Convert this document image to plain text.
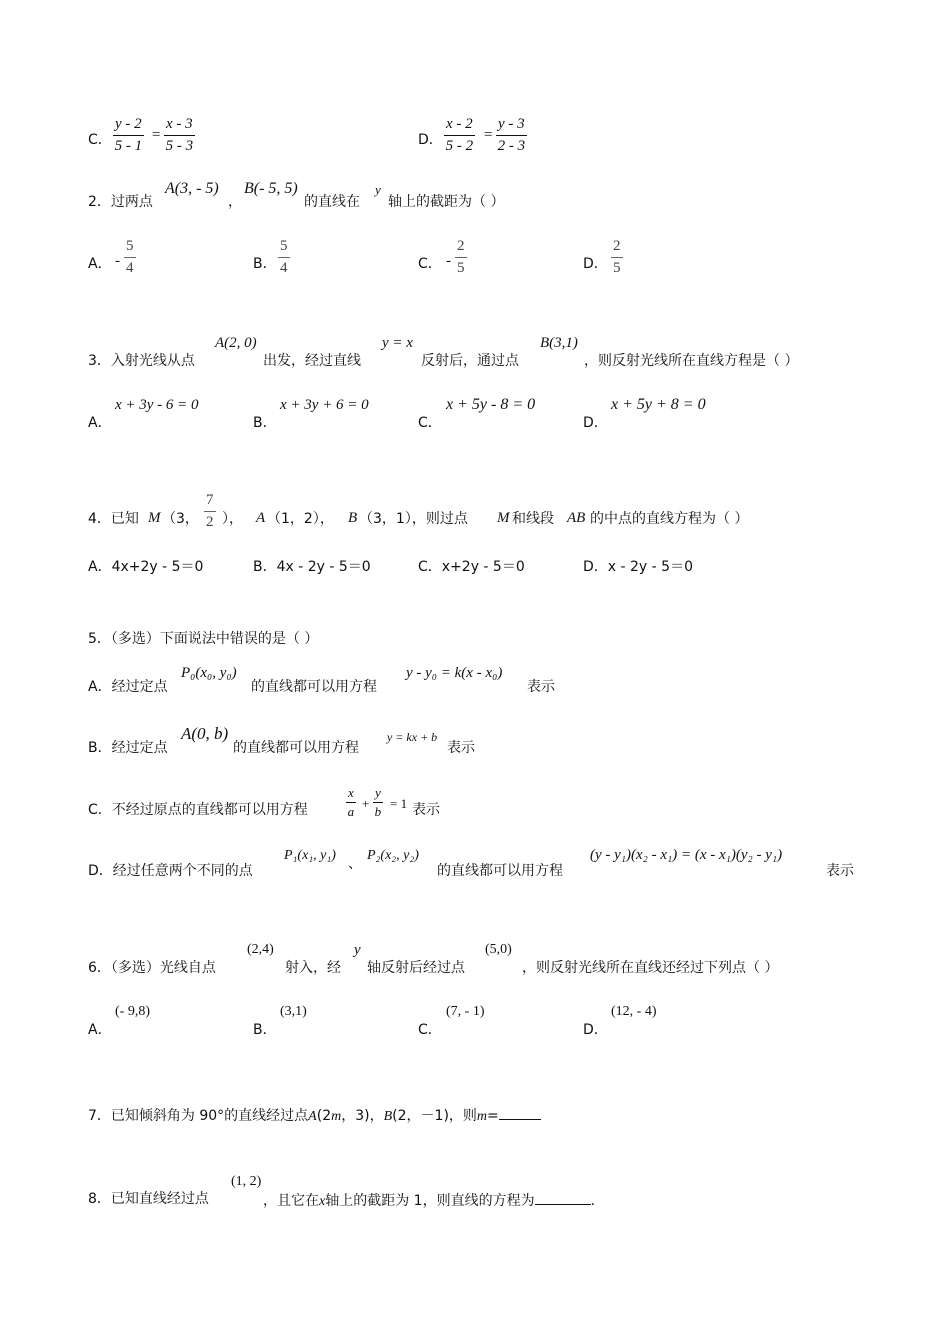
C． $\frac{y - 2}{5 - 1} = \frac{x - 3}{5 - 3}$	D． $\frac{x - 2}{5 - 2} = \frac{y - 3}{2 - 3}$
2．过两点
A(3, - 5)
，
B(- 5, 5)
的直线在
y
轴上的截距为（ ）
A． - $\frac{5}{4}$	B． $\frac{5}{4}$	C． - $\frac{2}{5}$	D． $\frac{2}{5}$
3．入射光线从点
A(2, 0)
出发，经过直线
y = x
反射后，通过点
B(3,1)
，则反射光线所在直线方程是（ ）
A．
x + 3y - 6 = 0
B．
x + 3y + 6 = 0
C．
x + 5y - 8 = 0
D．
x + 5y + 8 = 0
4．已知 M （3， $\frac{7}{2}$ ）， A （1，2）， B （3，1），则过点 M 和线段 AB 的中点的直线方程为（ ）
A．4x+2y - 5＝0	B．4x - 2y - 5＝0	C．x+2y - 5＝0	D．x - 2y - 5＝0
5．（多选）下面说法中错误的是（ ）
A．经过定点
P₀(x₀, y₀)
的直线都可以用方程
y - y₀ = k(x - x₀)
表示
B．经过定点
A(0, b)
的直线都可以用方程
y = kx + b
表示
C．不经过原点的直线都可以用方程	$\frac{x}{a} + \frac{y}{b} = 1$ 表示
D．经过任意两个不同的点
P₁(x₁, y₁)
、
P₂(x₂, y₂)
的直线都可以用方程
(y - y₁)(x₂ - x₁) = (x - x₁)(y₂ - y₁)
表示
6．（多选）光线自点
(2,4)
射入，经
y
轴反射后经过点
(5,0)
，则反射光线所在直线还经过下列点（ ）
A．
(- 9,8)
B．
(3,1)
C．
(7, - 1)
D．
(12, - 4)
7．已知倾斜角为 90°的直线经过点A(2m，3)，B(2，－1)，则m=
8．已知直线经过点
(1, 2)
，且它在x轴上的截距为 1，则直线的方程为	.
